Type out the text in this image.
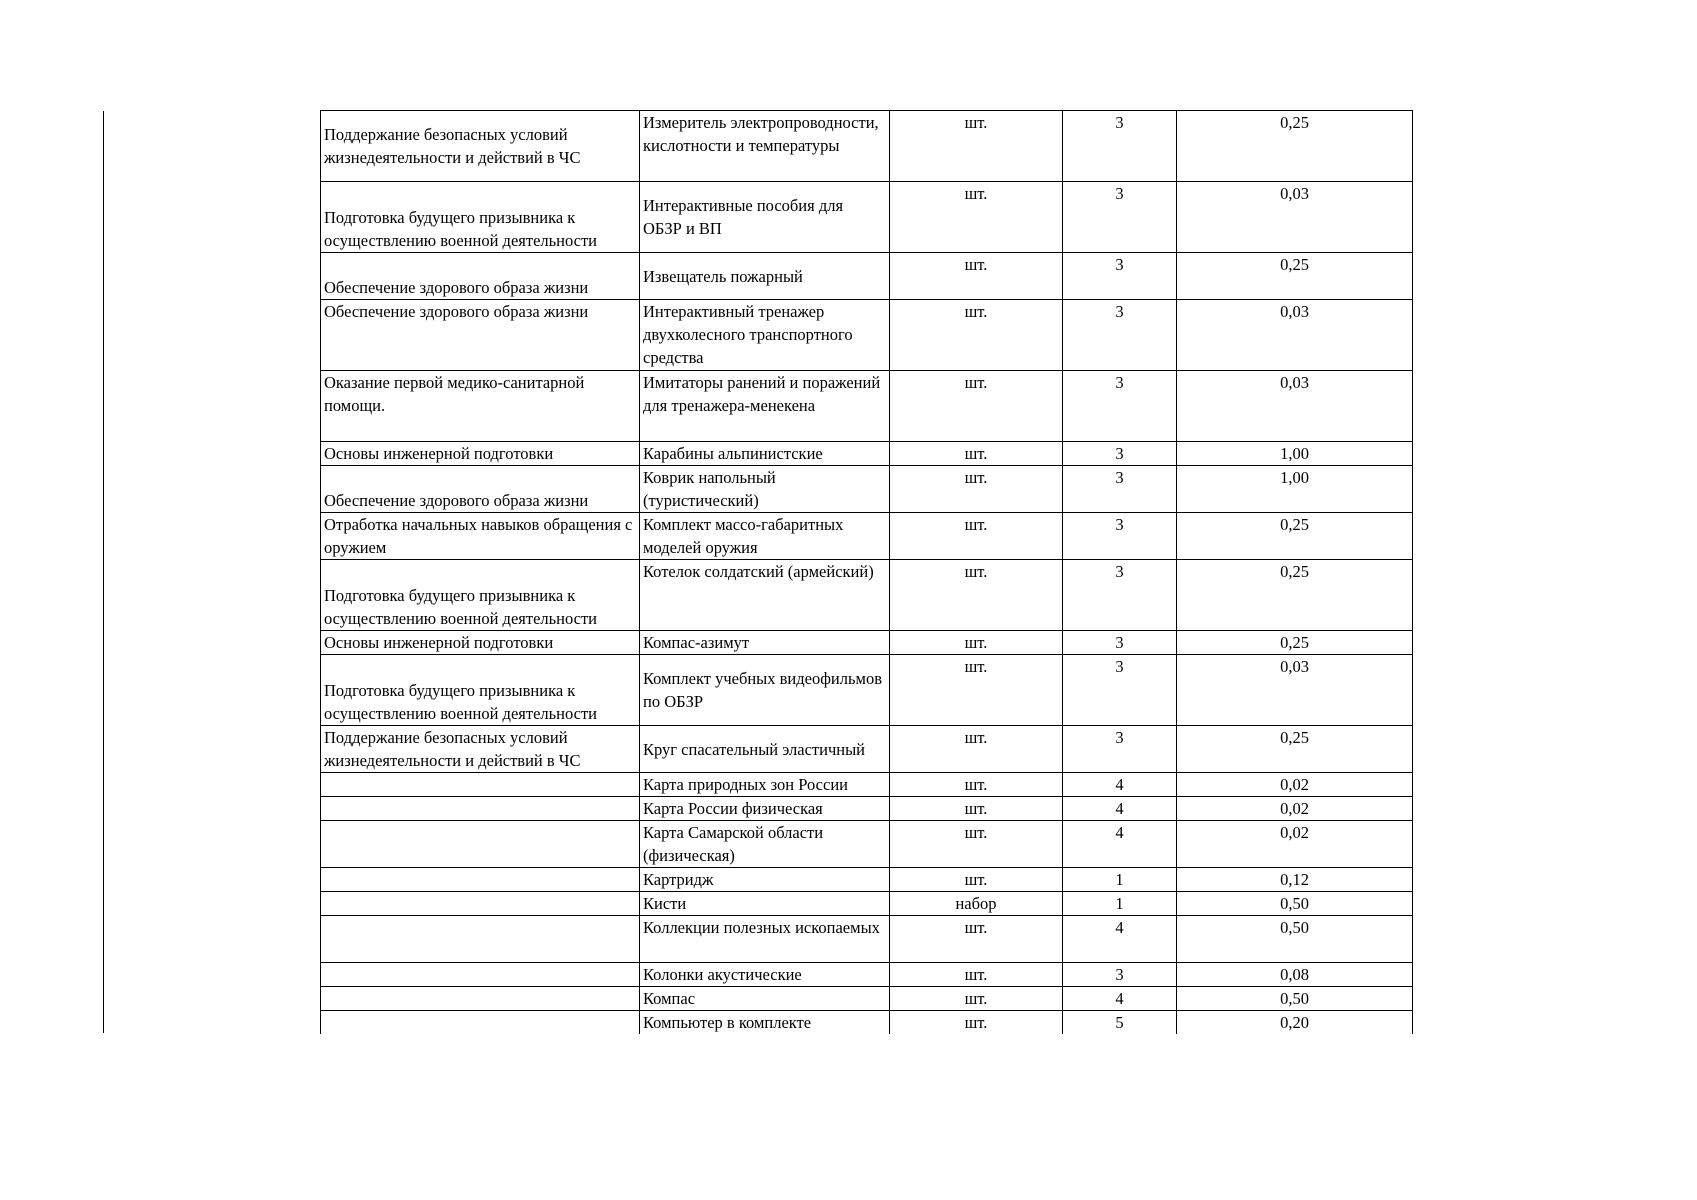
Поддержание безопасных условий жизнедеятельности и действий в ЧС	Измеритель электропроводности, кислотности и температуры	шт.	3	0,25

Подготовка будущего призывника к осуществлению военной деятельности	Интерактивные пособия для ОБЗР и ВП	шт.	3	0,03

Обеспечение здорового образа жизни	Извещатель пожарный	шт.	3	0,25

Обеспечение здорового образа жизни	Интерактивный тренажер двухколесного транспортного средства	шт.	3	0,03

Оказание первой медико-санитарной помощи.	Имитаторы ранений и поражений для тренажера-менекена	шт.	3	0,03

Основы инженерной подготовки	Карабины альпинистские	шт.	3	1,00

Обеспечение здорового образа жизни	Коврик напольный (туристический)	шт.	3	1,00

Отработка начальных навыков обращения с оружием	Комплект массо-габаритных моделей оружия	шт.	3	0,25

Подготовка будущего призывника к осуществлению военной деятельности	Котелок солдатский (армейский)	шт.	3	0,25

Основы инженерной подготовки	Компас-азимут	шт.	3	0,25

Подготовка будущего призывника к осуществлению военной деятельности	Комплект учебных видеофильмов по ОБЗР	шт.	3	0,03

Поддержание безопасных условий жизнедеятельности и действий в ЧС	Круг спасательный эластичный	шт.	3	0,25

	Карта природных зон России	шт.	4	0,02

	Карта России физическая	шт.	4	0,02

	Карта Самарской области (физическая)	шт.	4	0,02

	Картридж	шт.	1	0,12

	Кисти	набор	1	0,50

	Коллекции полезных ископаемых	шт.	4	0,50

	Колонки акустические	шт.	3	0,08

	Компас	шт.	4	0,50

	Компьютер в комплекте	шт.	5	0,20
